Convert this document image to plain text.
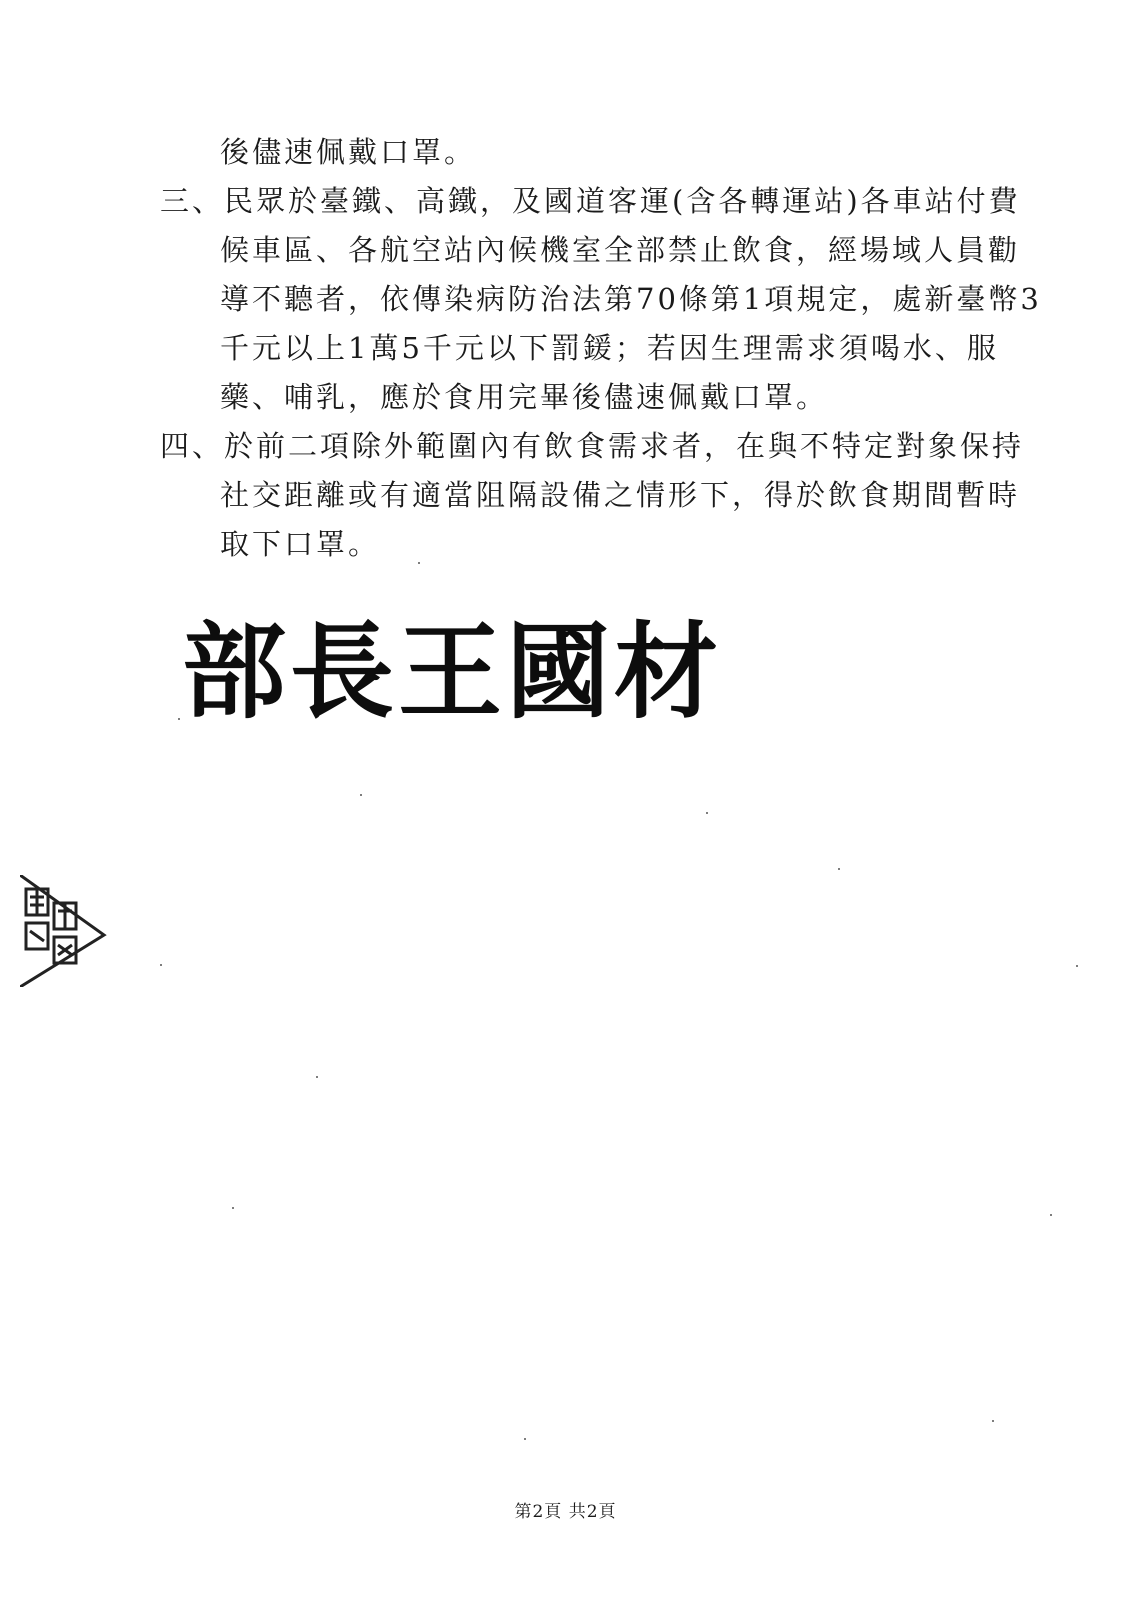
後儘速佩戴口罩。
三、民眾於臺鐵、高鐵，及國道客運(含各轉運站)各車站付費
候車區、各航空站內候機室全部禁止飲食，經場域人員勸
導不聽者，依傳染病防治法第70條第1項規定，處新臺幣3
千元以上1萬5千元以下罰鍰；若因生理需求須喝水、服
藥、哺乳，應於食用完畢後儘速佩戴口罩。
四、於前二項除外範圍內有飲食需求者，在與不特定對象保持
社交距離或有適當阻隔設備之情形下，得於飲食期間暫時
取下口罩。
部長王國材
第2頁 共2頁
